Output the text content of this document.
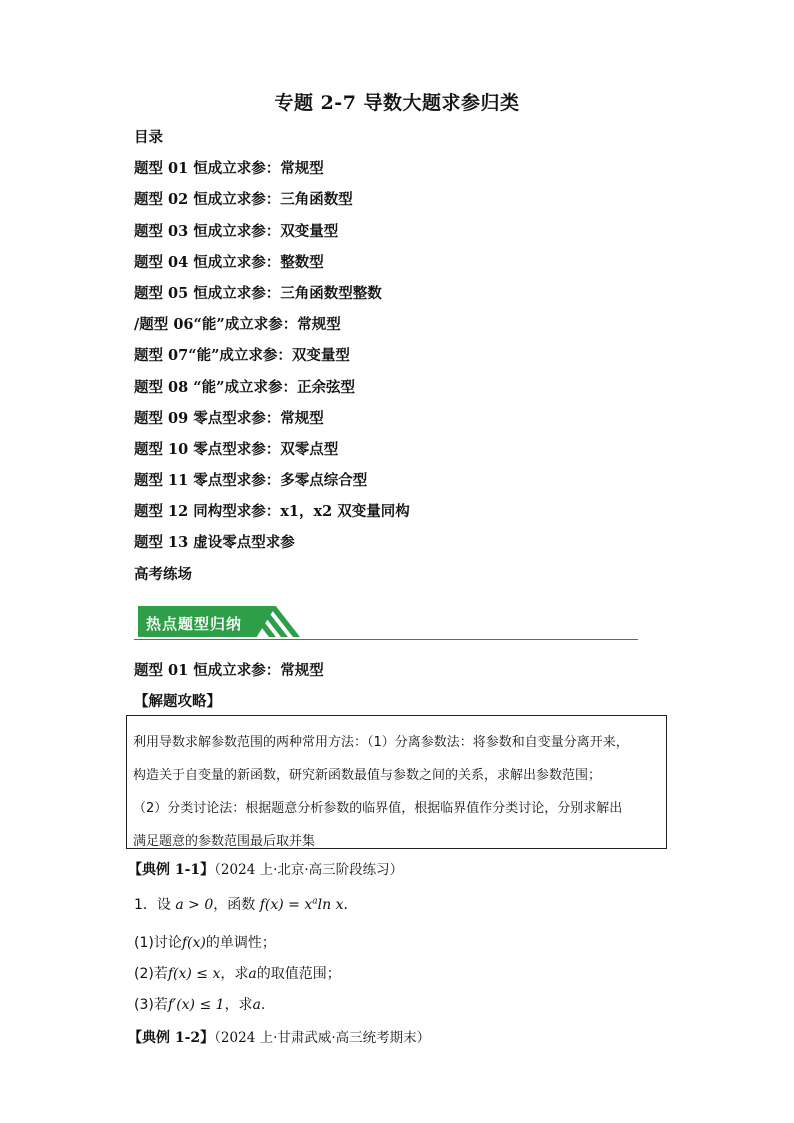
专题 2-7 导数大题求参归类
目录
题型 01 恒成立求参：常规型
题型 02 恒成立求参：三角函数型
题型 03 恒成立求参：双变量型
题型 04 恒成立求参：整数型
题型 05 恒成立求参：三角函数型整数
/题型 06“能”成立求参：常规型
题型 07“能”成立求参：双变量型
题型 08 “能”成立求参：正余弦型
题型 09 零点型求参：常规型
题型 10 零点型求参：双零点型
题型 11 零点型求参：多零点综合型
题型 12 同构型求参：x1，x2 双变量同构
题型 13 虚设零点型求参
高考练场
热点题型归纳
题型 01 恒成立求参：常规型
【解题攻略】
利用导数求解参数范围的两种常用方法：（1）分离参数法：将参数和自变量分离开来，
构造关于自变量的新函数，研究新函数最值与参数之间的关系，求解出参数范围；
（2）分类讨论法：根据题意分析参数的临界值，根据临界值作分类讨论，分别求解出
满足题意的参数范围最后取并集
【典例 1-1】（2024 上·北京·高三阶段练习）
1．设 a > 0，函数 $f(x) = x^a\ln$ x．
(1)讨论f(x)的单调性；
(2)若f(x) ≤ x，求a的取值范围；
(3)若f′(x) ≤ 1，求a.
【典例 1-2】（2024 上·甘肃武威·高三统考期末）
